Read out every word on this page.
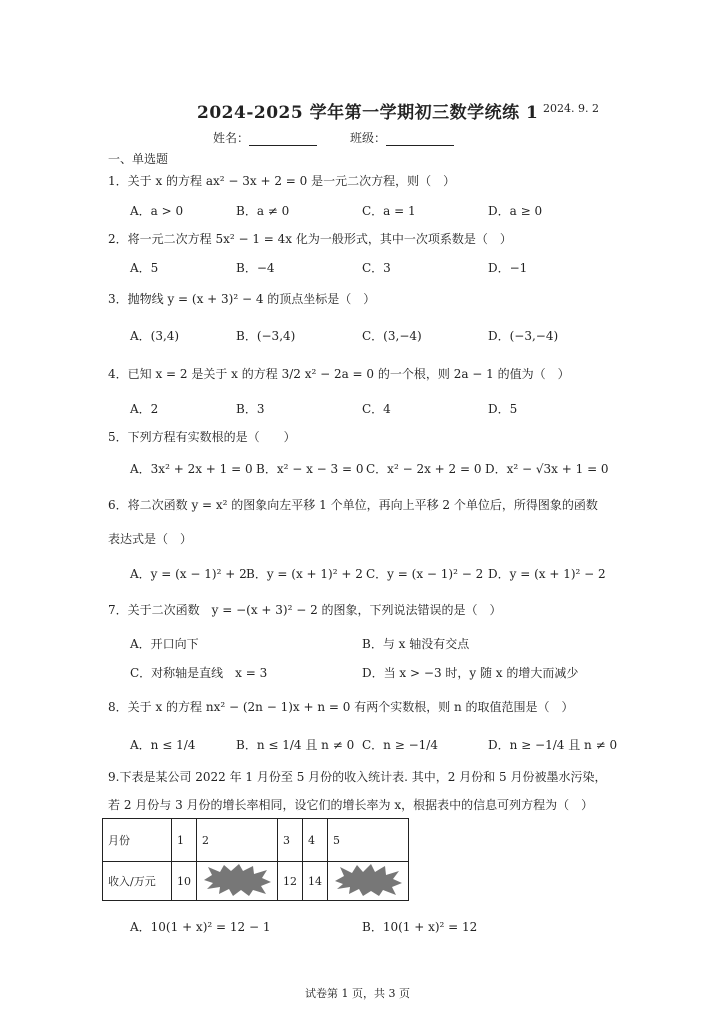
2024-2025 学年第一学期初三数学统练 1 2024. 9. 2
姓名：	班级：
一、单选题
1．关于 x 的方程 ax² − 3x + 2 = 0 是一元二次方程，则（　）
A．a > 0	B．a ≠ 0	C．a = 1	D．a ≥ 0
2．将一元二次方程 5x² − 1 = 4x 化为一般形式，其中一次项系数是（　）
A．5	B．−4	C．3	D．−1
3．抛物线 y = (x + 3)² − 4 的顶点坐标是（　）
A．(3,4)	B．(−3,4)	C．(3,−4)	D．(−3,−4)
4．已知 x = 2 是关于 x 的方程 3/2 x² − 2a = 0 的一个根，则 2a − 1 的值为（　）
A．2	B．3	C．4	D．5
5．下列方程有实数根的是（　　）
A．3x² + 2x + 1 = 0 B．x² − x − 3 = 0 C．x² − 2x + 2 = 0 D．x² − √3x + 1 = 0
6．将二次函数 y = x² 的图象向左平移 1 个单位，再向上平移 2 个单位后，所得图象的函数
表达式是（　）
A．y = (x − 1)² + 2 B．y = (x + 1)² + 2 C．y = (x − 1)² − 2 D．y = (x + 1)² − 2
7．关于二次函数　y = −(x + 3)² − 2 的图象，下列说法错误的是（　）
A．开口向下	B．与 x 轴没有交点
C．对称轴是直线　x = 3	D．当 x > −3 时，y 随 x 的增大而减少
8．关于 x 的方程 nx² − (2n − 1)x + n = 0 有两个实数根，则 n 的取值范围是（　）
A．n ≤ 1/4	B．n ≤ 1/4 且 n ≠ 0 C．n ≥ −1/4	D．n ≥ −1/4 且 n ≠ 0
9.下表是某公司 2022 年 1 月份至 5 月份的收入统计表. 其中，2 月份和 5 月份被墨水污染，
若 2 月份与 3 月份的增长率相同，设它们的增长率为 x，根据表中的信息可列方程为（　）
月份	1	2	3	4	5
收入/万元	10		12	14	
A．10(1 + x)² = 12 − 1	B．10(1 + x)² = 12
试卷第 1 页，共 3 页
